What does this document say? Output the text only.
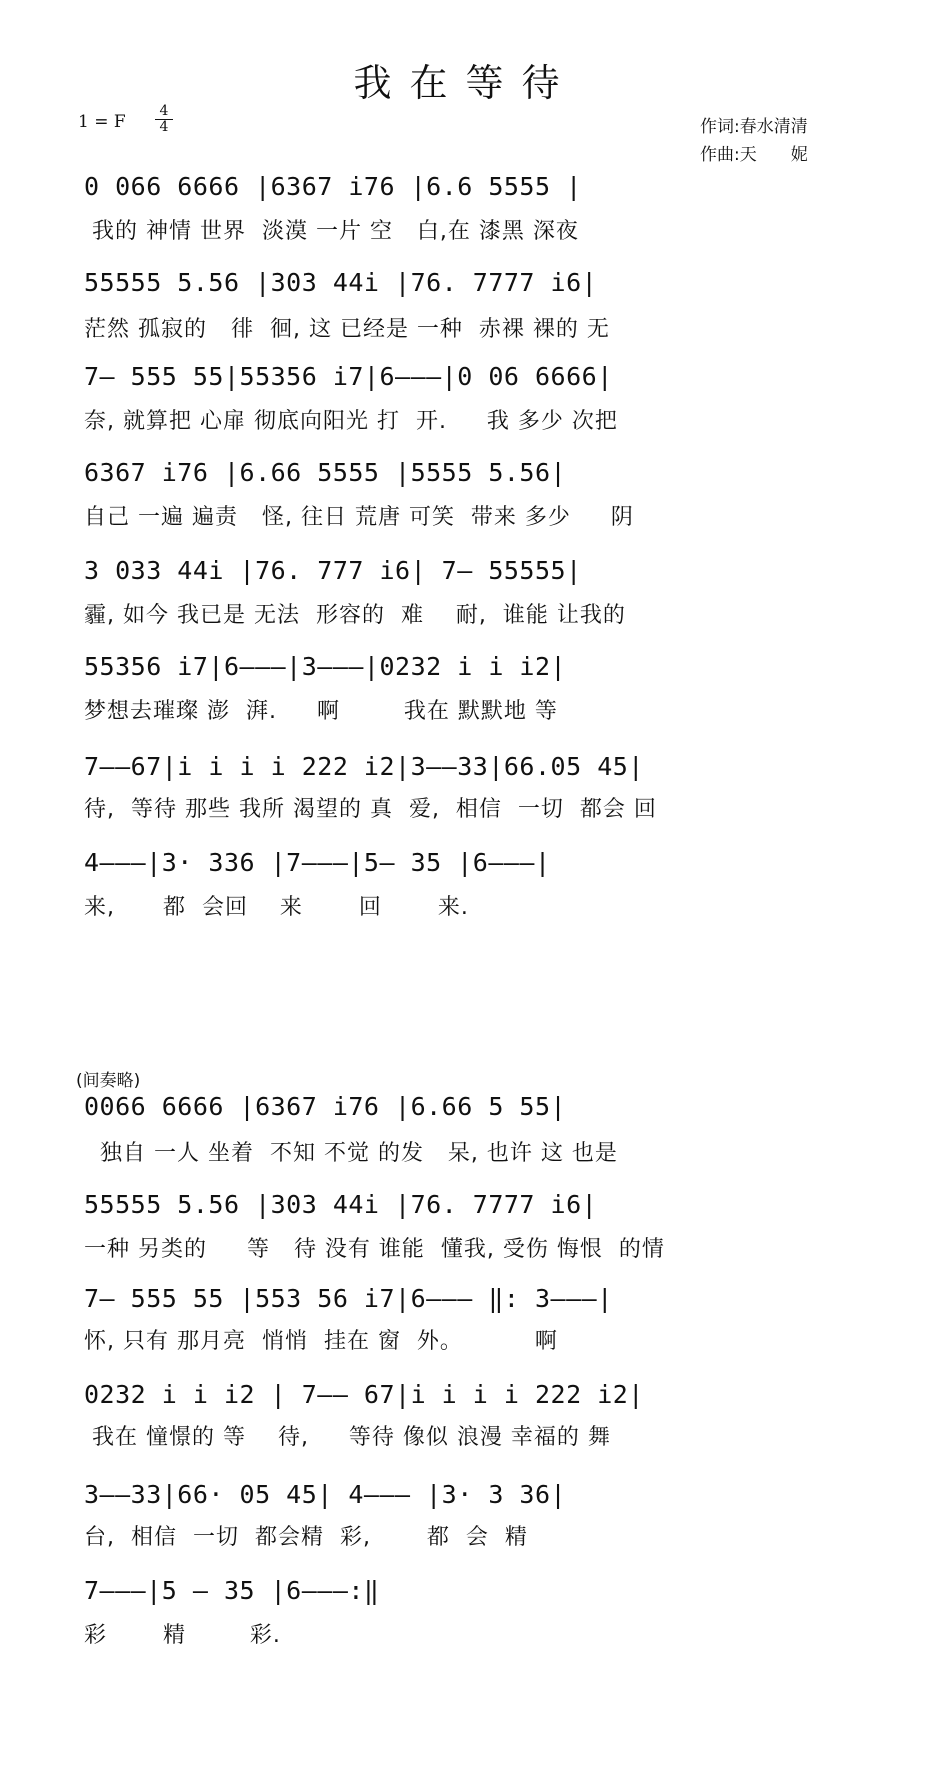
我在等待
1 = F $\frac{4}{4}$	作词:春水清清
作曲:天　　妮
(间奏略)
0 066 6666 |6367 i76 |6.6 5555 |
我的 神情 世界  淡漠 一片 空   白,在 漆黑 深夜
55555 5.56 |303 44i |76. 7777 i6|
茫然 孤寂的   徘  徊, 这 已经是 一种  赤裸 裸的 无
7— 555 55|55356 i7|6———|0 06 6666|
奈, 就算把 心扉 彻底向阳光 打  开.     我 多少 次把
6367 i76 |6.66 5555 |5555 5.56|
自己 一遍 遍责   怪, 往日 荒唐 可笑  带来 多少     阴
3 033 44i |76. 777 i6| 7— 55555|
霾, 如今 我已是 无法  形容的  难    耐,  谁能 让我的
55356 i7|6———|3———|0232 i i i2|
梦想去璀璨 澎  湃.     啊        我在 默默地 等
7——67|i i i i 222 i2|3——33|66.05 45|
待,  等待 那些 我所 渴望的 真  爱,  相信  一切  都会 回
4———|3· 336 |7———|5— 35 |6———|
来,      都  会回    来       回       来.
0066 6666 |6367 i76 |6.66 5 55|
独自 一人 坐着  不知 不觉 的发   呆, 也许 这 也是
55555 5.56 |303 44i |76. 7777 i6|
一种 另类的     等   待 没有 谁能  懂我, 受伤 悔恨  的情
7— 555 55 |553 56 i7|6——— ‖: 3———|
怀, 只有 那月亮  悄悄  挂在 窗  外。         啊
0232 i i i2 | 7—— 67|i i i i 222 i2|
我在 憧憬的 等    待,     等待 像似 浪漫 幸福的 舞
3——33|66· 05 45| 4——— |3· 3 36|
台,  相信  一切  都会精  彩,       都  会  精
7———|5 — 35 |6———:‖
彩       精        彩.
